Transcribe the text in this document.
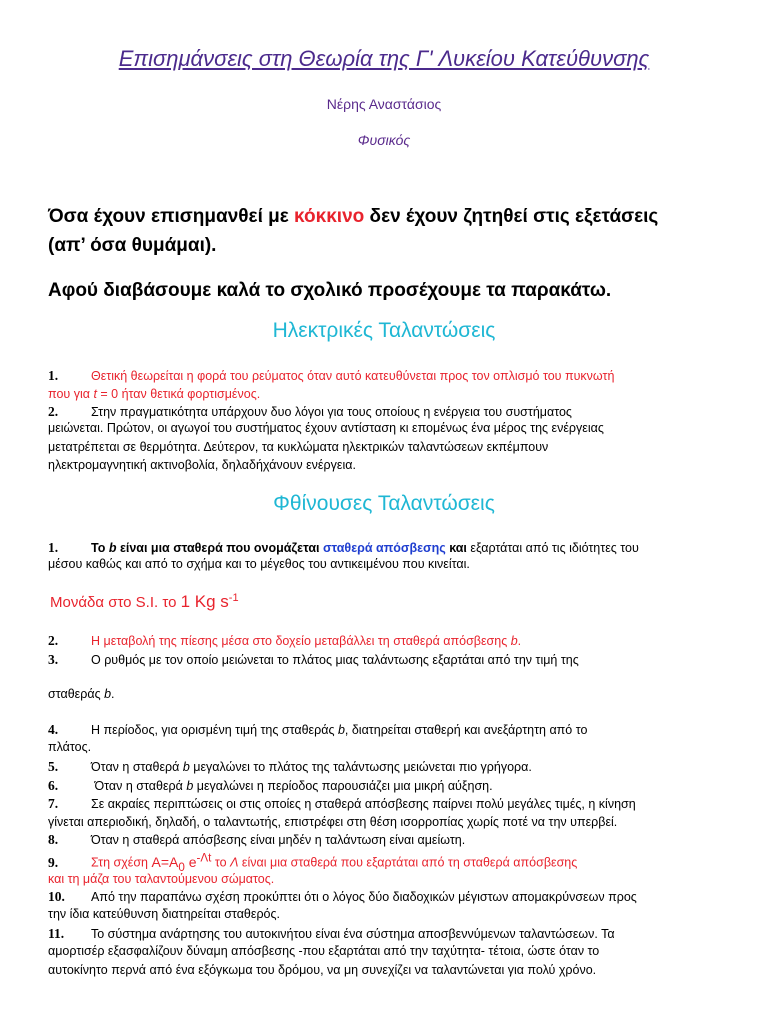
Επισημάνσεις στη Θεωρία της Γ' Λυκείου Κατεύθυνσης
Νέρης Αναστάσιος
Φυσικός
Όσα έχουν επισημανθεί με κόκκινο δεν έχουν ζητηθεί στις εξετάσεις
(απ’ όσα θυμάμαι).
Αφού διαβάσουμε καλά το σχολικό προσέχουμε τα παρακάτω.
Ηλεκτρικές Ταλαντώσεις
1.	Θετική θεωρείται η φορά του ρεύματος όταν αυτό κατευθύνεται προς τον οπλισμό του πυκνωτή
που για t = 0 ήταν θετικά φορτισμένος.
2.	Στην πραγματικότητα υπάρχουν δυο λόγοι για τους οποίους η ενέργεια του συστήματος
μειώνεται. Πρώτον, οι αγωγοί του συστήματος έχουν αντίσταση κι επομένως ένα μέρος της ενέργειας
μετατρέπεται σε θερμότητα. Δεύτερον, τα κυκλώματα ηλεκτρικών ταλαντώσεων εκπέμπουν
ηλεκτρομαγνητική ακτινοβολία, δηλαδήχάνουν ενέργεια.
Φθίνουσες Ταλαντώσεις
1.	Το b είναι μια σταθερά που ονομάζεται σταθερά απόσβεσης και εξαρτάται από τις ιδιότητες του
μέσου καθώς και από το σχήμα και το μέγεθος του αντικειμένου που κινείται.
Μονάδα στο S.I. το 1 Kg $s^{-1}$
2.	Η μεταβολή της πίεσης μέσα στο δοχείο μεταβάλλει τη σταθερά απόσβεσης b.
3.	Ο ρυθμός με τον οποίο μειώνεται το πλάτος μιας ταλάντωσης εξαρτάται από την τιμή της
σταθεράς b.
4.	Η περίοδος, για ορισμένη τιμή της σταθεράς b, διατηρείται σταθερή και ανεξάρτητη από το
πλάτος.
5.	Όταν η σταθερά b μεγαλώνει το πλάτος της ταλάντωσης μειώνεται πιο γρήγορα.
6.	Όταν η σταθερά b μεγαλώνει η περίοδος παρουσιάζει μια μικρή αύξηση.
7.	Σε ακραίες περιπτώσεις οι στις οποίες η σταθερά απόσβεσης παίρνει πολύ μεγάλες τιμές, η κίνηση
γίνεται απεριοδική, δηλαδή, ο ταλαντωτής, επιστρέφει στη θέση ισορροπίας χωρίς ποτέ να την υπερβεί.
8.	Όταν η σταθερά απόσβεσης είναι μηδέν η ταλάντωση είναι αμείωτη.
9.	Στη σχέση $A=A_0$ $e^{-\Lambda t}$ το Λ είναι μια σταθερά που εξαρτάται από τη σταθερά απόσβεσης
και τη μάζα του ταλαντούμενου σώματος.
10. Από την παραπάνω σχέση προκύπτει ότι ο λόγος δύο διαδοχικών μέγιστων απομακρύνσεων προς
την ίδια κατεύθυνση διατηρείται σταθερός.
11. Το σύστημα ανάρτησης του αυτοκινήτου είναι ένα σύστημα αποσβεννύμενων ταλαντώσεων. Τα
αμορτισέρ εξασφαλίζουν δύναμη απόσβεσης -που εξαρτάται από την ταχύτητα- τέτοια, ώστε όταν το
αυτοκίνητο περνά από ένα εξόγκωμα του δρόμου, να μη συνεχίζει να ταλαντώνεται για πολύ χρόνο.
